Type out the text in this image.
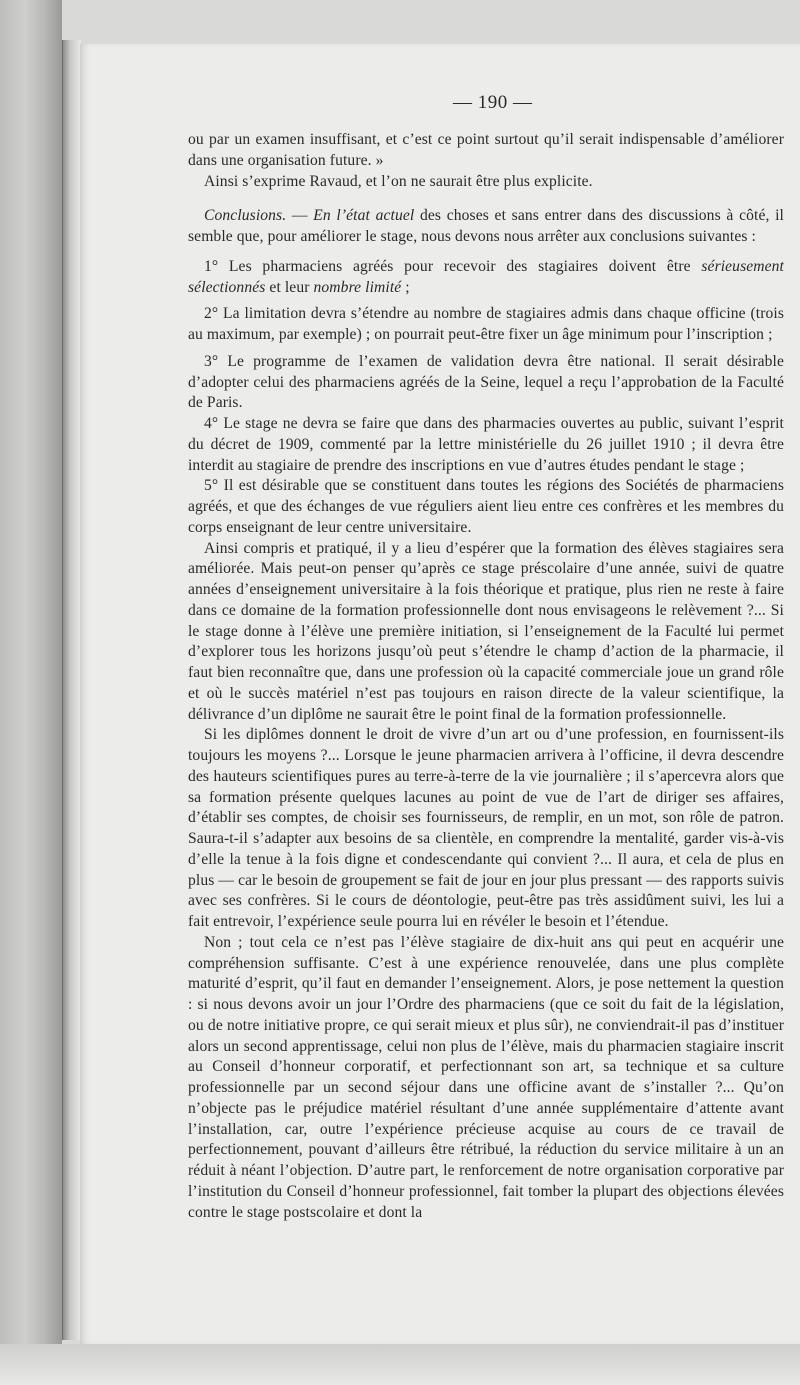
— 190 —

ou par un examen insuffisant, et c’est ce point surtout qu’il serait indispensable d’améliorer dans une organisation future. »

Ainsi s’exprime Ravaud, et l’on ne saurait être plus explicite.

Conclusions. — En l’état actuel des choses et sans entrer dans des discussions à côté, il semble que, pour améliorer le stage, nous devons nous arrêter aux conclusions suivantes :

1° Les pharmaciens agréés pour recevoir des stagiaires doivent être sérieusement sélectionnés et leur nombre limité ;

2° La limitation devra s’étendre au nombre de stagiaires admis dans chaque officine (trois au maximum, par exemple) ; on pourrait peut-être fixer un âge minimum pour l’inscription ;

3° Le programme de l’examen de validation devra être national. Il serait désirable d’adopter celui des pharmaciens agréés de la Seine, lequel a reçu l’approbation de la Faculté de Paris.

4° Le stage ne devra se faire que dans des pharmacies ouvertes au public, suivant l’esprit du décret de 1909, commenté par la lettre ministérielle du 26 juillet 1910 ; il devra être interdit au stagiaire de prendre des inscriptions en vue d’autres études pendant le stage ;

5° Il est désirable que se constituent dans toutes les régions des Sociétés de pharmaciens agréés, et que des échanges de vue réguliers aient lieu entre ces confrères et les membres du corps enseignant de leur centre universitaire.

Ainsi compris et pratiqué, il y a lieu d’espérer que la formation des élèves stagiaires sera améliorée. Mais peut-on penser qu’après ce stage préscolaire d’une année, suivi de quatre années d’enseignement universitaire à la fois théorique et pratique, plus rien ne reste à faire dans ce domaine de la formation professionnelle dont nous envisageons le relèvement ?... Si le stage donne à l’élève une première initiation, si l’enseignement de la Faculté lui permet d’explorer tous les horizons jusqu’où peut s’étendre le champ d’action de la pharmacie, il faut bien reconnaître que, dans une profession où la capacité commerciale joue un grand rôle et où le succès matériel n’est pas toujours en raison directe de la valeur scientifique, la délivrance d’un diplôme ne saurait être le point final de la formation professionnelle.

Si les diplômes donnent le droit de vivre d’un art ou d’une profession, en fournissent-ils toujours les moyens ?... Lorsque le jeune pharmacien arrivera à l’officine, il devra descendre des hauteurs scientifiques pures au terre-à-terre de la vie journalière ; il s’apercevra alors que sa formation présente quelques lacunes au point de vue de l’art de diriger ses affaires, d’établir ses comptes, de choisir ses fournisseurs, de remplir, en un mot, son rôle de patron. Saura-t-il s’adapter aux besoins de sa clientèle, en comprendre la mentalité, garder vis-à-vis d’elle la tenue à la fois digne et condescendante qui convient ?... Il aura, et cela de plus en plus — car le besoin de groupement se fait de jour en jour plus pressant — des rapports suivis avec ses confrères. Si le cours de déontologie, peut-être pas très assidûment suivi, les lui a fait entrevoir, l’expérience seule pourra lui en révéler le besoin et l’étendue.

Non ; tout cela ce n’est pas l’élève stagiaire de dix-huit ans qui peut en acquérir une compréhension suffisante. C’est à une expérience renouvelée, dans une plus complète maturité d’esprit, qu’il faut en demander l’enseignement. Alors, je pose nettement la question : si nous devons avoir un jour l’Ordre des pharmaciens (que ce soit du fait de la législation, ou de notre initiative propre, ce qui serait mieux et plus sûr), ne conviendrait-il pas d’instituer alors un second apprentissage, celui non plus de l’élève, mais du pharmacien stagiaire inscrit au Conseil d’honneur corporatif, et perfectionnant son art, sa technique et sa culture professionnelle par un second séjour dans une officine avant de s’installer ?... Qu’on n’objecte pas le préjudice matériel résultant d’une année supplémentaire d’attente avant l’installation, car, outre l’expérience précieuse acquise au cours de ce travail de perfectionnement, pouvant d’ailleurs être rétribué, la réduction du service militaire à un an réduit à néant l’objection. D’autre part, le renforcement de notre organisation corporative par l’institution du Conseil d’honneur professionnel, fait tomber la plupart des objections élevées contre le stage postscolaire et dont la
